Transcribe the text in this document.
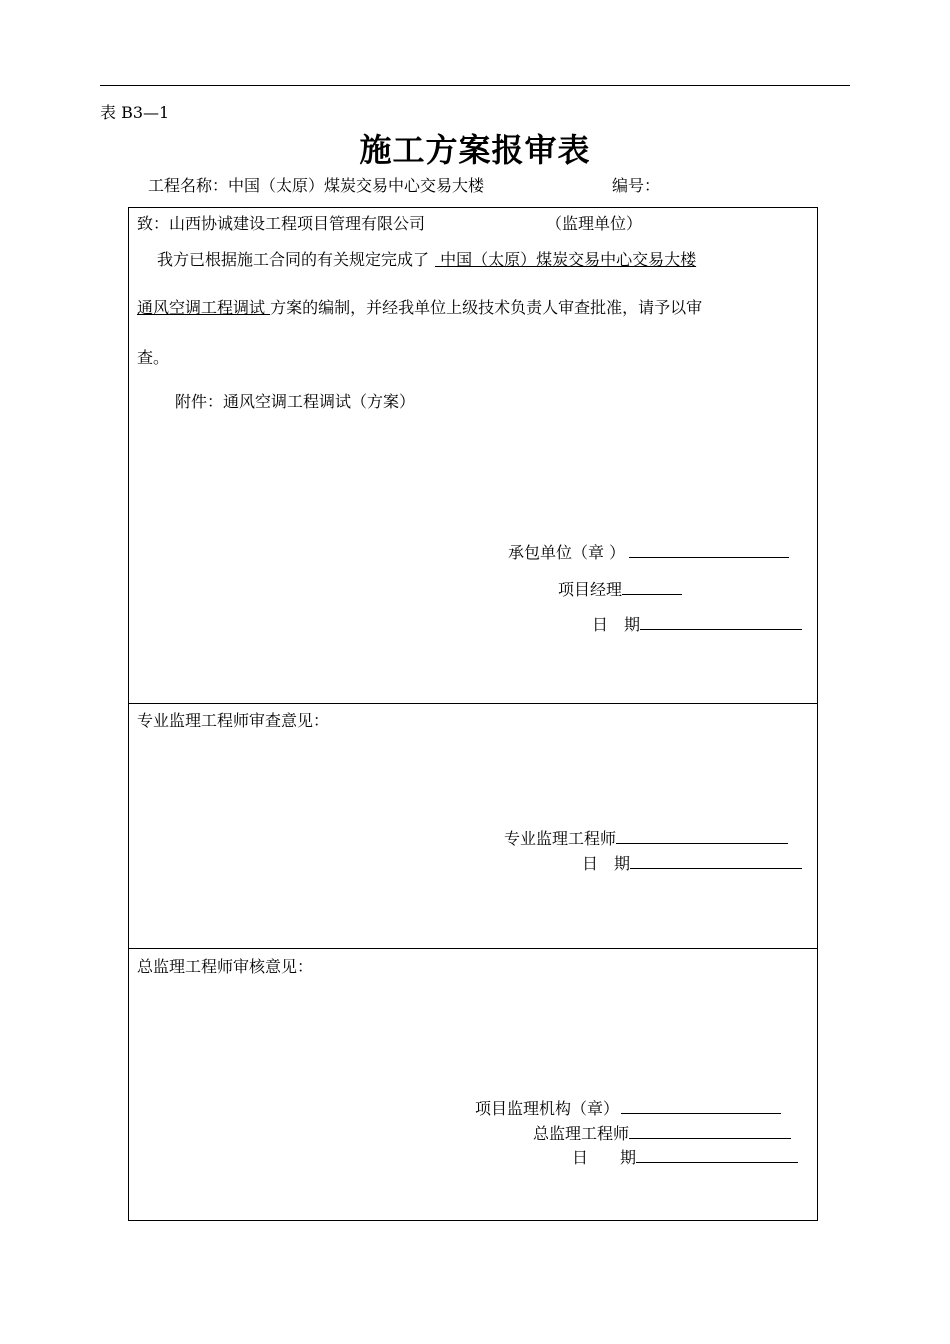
表 B3—1
施工方案报审表
工程名称：中国（太原）煤炭交易中心交易大楼	编号：
致：山西协诚建设工程项目管理有限公司	（监理单位）
我方已根据施工合同的有关规定完成了 中国（太原）煤炭交易中心交易大楼
通风空调工程调试 方案的编制，并经我单位上级技术负责人审查批准，请予以审
查。
附件：通风空调工程调试（方案）
承包单位（章 ）
项目经理
日　期
专业监理工程师审查意见：
专业监理工程师
日　期
总监理工程师审核意见：
项目监理机构（章）
总监理工程师
日　　期
